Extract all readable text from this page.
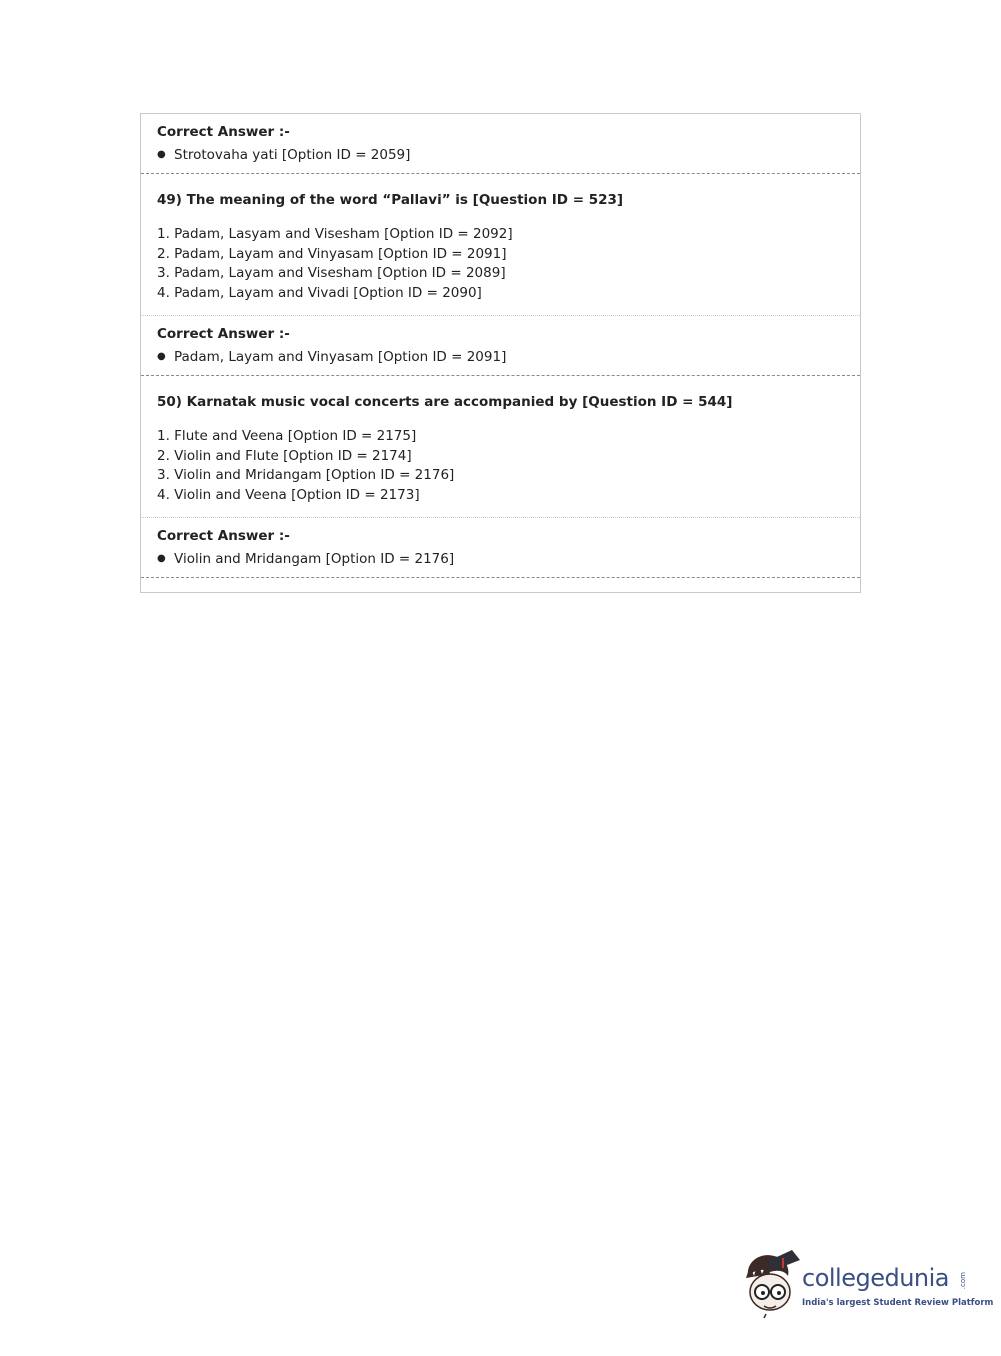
Correct Answer :-
● Strotovaha yati [Option ID = 2059]
49) The meaning of the word “Pallavi” is [Question ID = 523]
1. Padam, Lasyam and Visesham [Option ID = 2092]
2. Padam, Layam and Vinyasam [Option ID = 2091]
3. Padam, Layam and Visesham [Option ID = 2089]
4. Padam, Layam and Vivadi [Option ID = 2090]
Correct Answer :-
● Padam, Layam and Vinyasam [Option ID = 2091]
50) Karnatak music vocal concerts are accompanied by [Question ID = 544]
1. Flute and Veena [Option ID = 2175]
2. Violin and Flute [Option ID = 2174]
3. Violin and Mridangam [Option ID = 2176]
4. Violin and Veena [Option ID = 2173]
Correct Answer :-
● Violin and Mridangam [Option ID = 2176]
collegedunia .com
India's largest Student Review Platform
